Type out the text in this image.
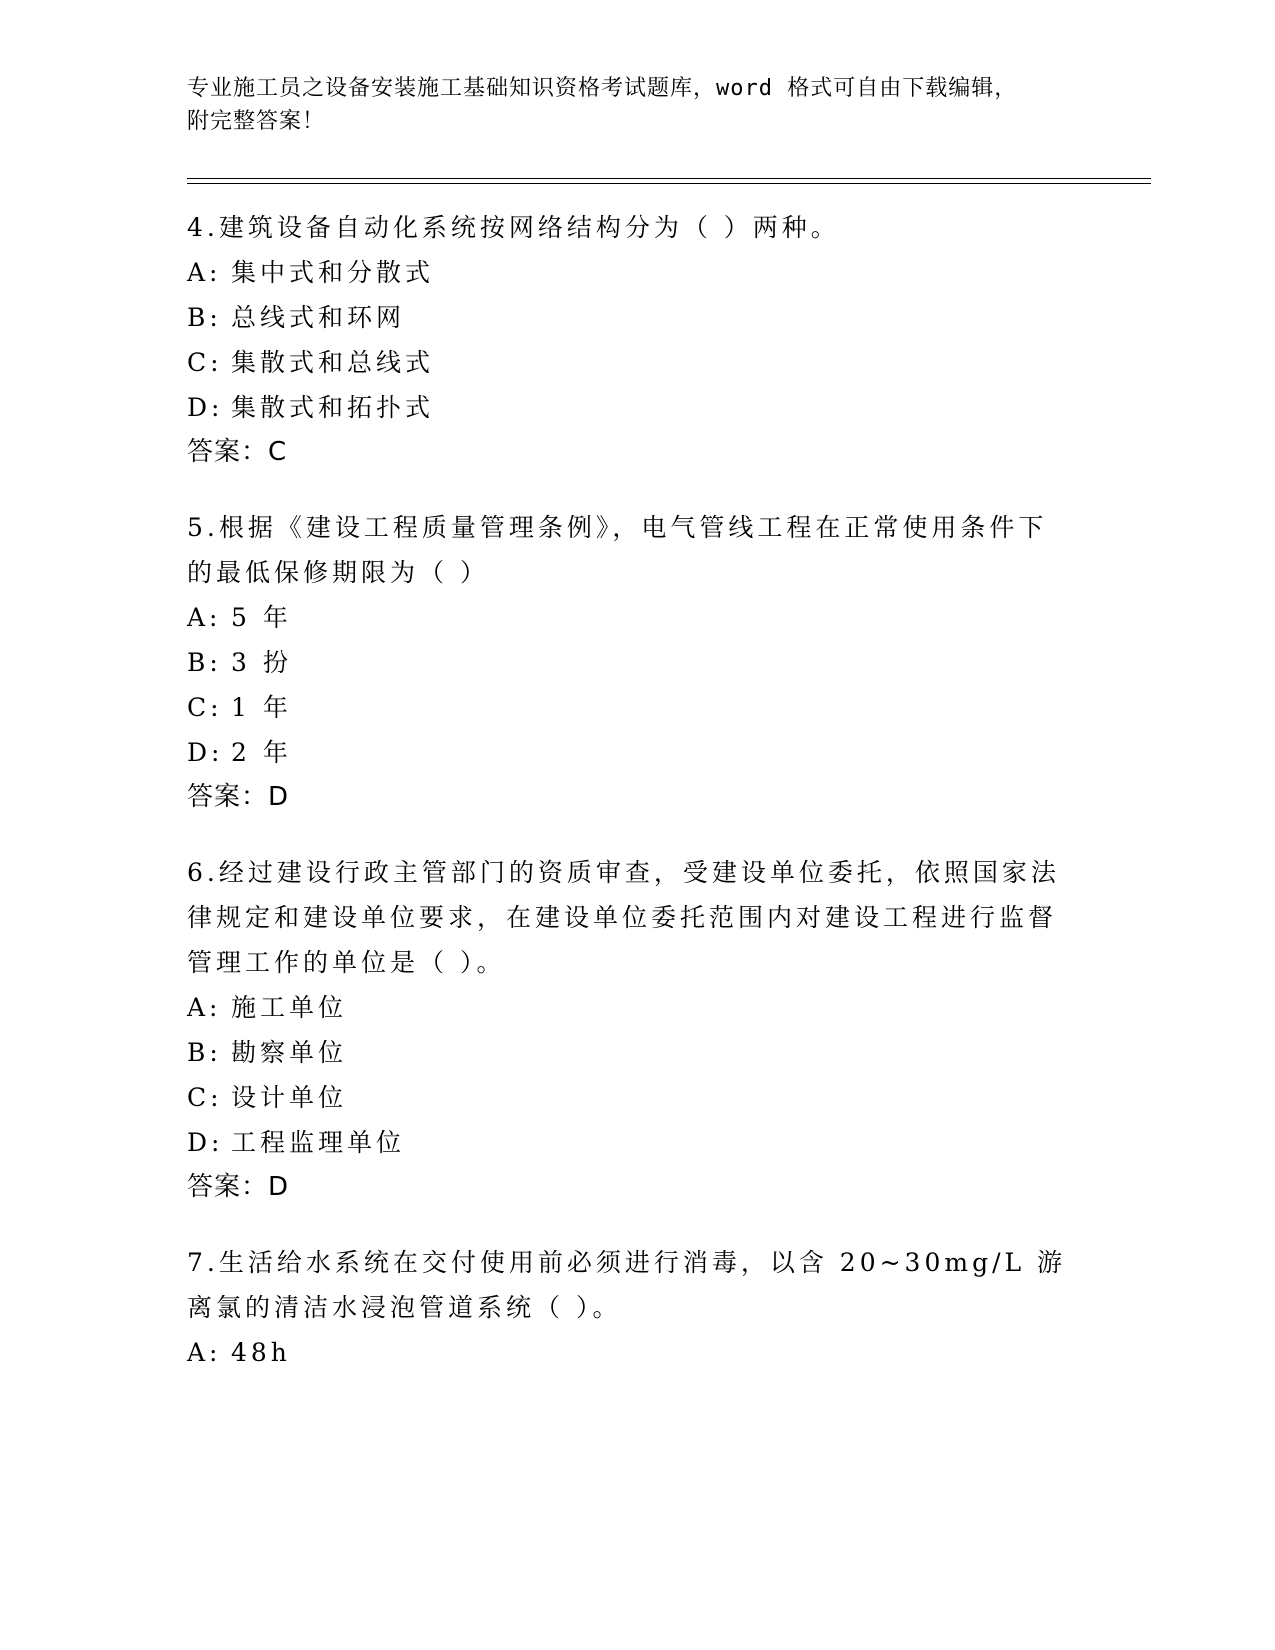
专业施工员之设备安装施工基础知识资格考试题库，word 格式可自由下载编辑，
附完整答案！

4.建筑设备自动化系统按网络结构分为（ ）两种。

A: 集中式和分散式
B: 总线式和环网
C: 集散式和总线式
D: 集散式和拓扑式
答案：C

5.根据《建设工程质量管理条例》，电气管线工程在正常使用条件下的最低保修期限为（ ）

A: 5 年
B: 3 扮
C: 1 年
D: 2 年
答案：D

6.经过建设行政主管部门的资质审查，受建设单位委托，依照国家法律规定和建设单位要求，在建设单位委托范围内对建设工程进行监督管理工作的单位是（ ）。

A: 施工单位
B: 勘察单位
C: 设计单位
D: 工程监理单位
答案：D

7.生活给水系统在交付使用前必须进行消毒，以含 20~30mg/L 游离氯的清洁水浸泡管道系统（ ）。

A: 48h
